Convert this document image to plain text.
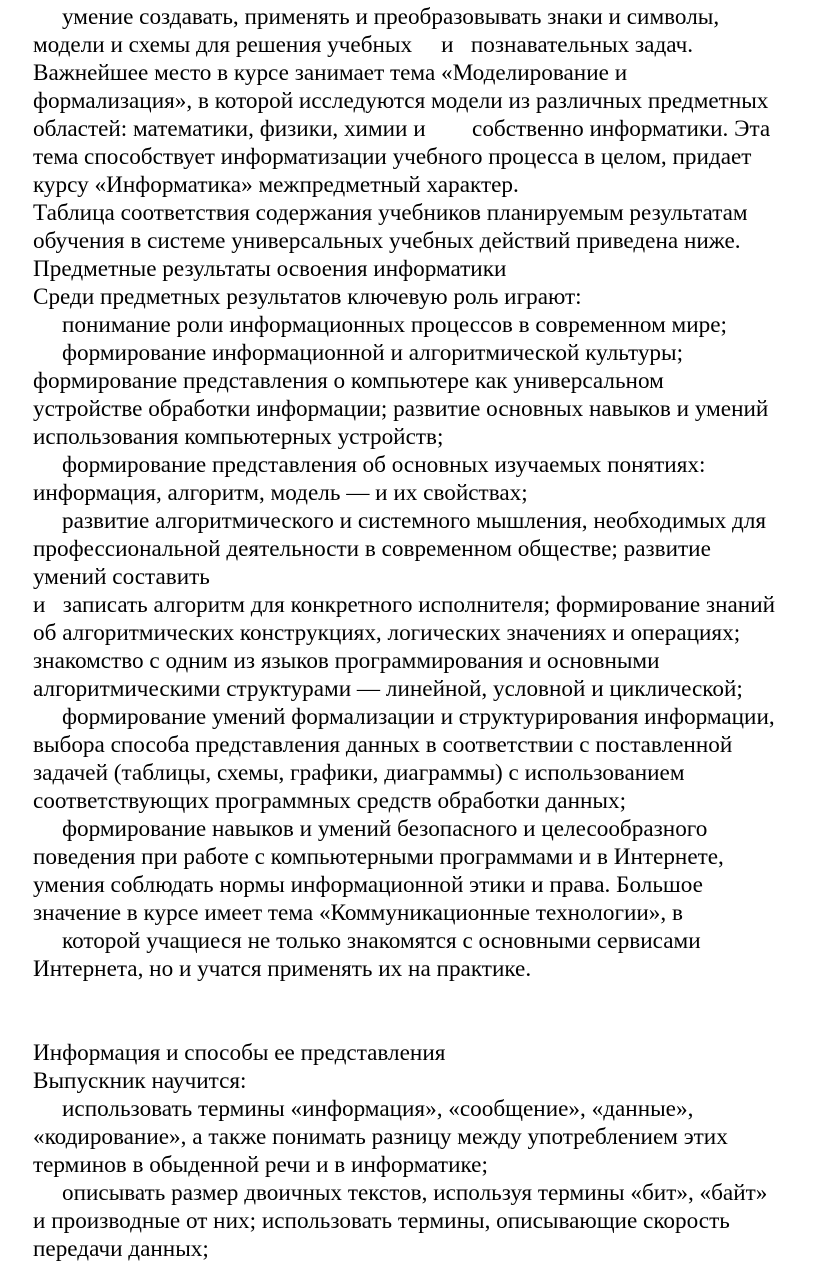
умение создавать, применять и преобразовывать знаки и символы,
модели и схемы для решения учебных     и   познавательных задач.
Важнейшее место в курсе занимает тема «Моделирование и
формализация», в которой исследуются модели из различных предметных
областей: математики, физики, химии и        собственно информатики. Эта
тема способствует информатизации учебного процесса в целом, придает
курсу «Информатика» межпредметный характер.
Таблица соответствия содержания учебников планируемым результатам
обучения в системе универсальных учебных действий приведена ниже.
Предметные результаты освоения информатики
Среди предметных результатов ключевую роль играют:
понимание роли информационных процессов в современном мире;
формирование информационной и алгоритмической культуры;
формирование представления о компьютере как универсальном
устройстве обработки информации; развитие основных навыков и умений
использования компьютерных устройств;
формирование представления об основных изучаемых понятиях:
информация, алгоритм, модель — и их свойствах;
развитие алгоритмического и системного мышления, необходимых для
профессиональной деятельности в современном обществе; развитие
умений составить
и   записать алгоритм для конкретного исполнителя; формирование знаний
об алгоритмических конструкциях, логических значениях и операциях;
знакомство с одним из языков программирования и основными
алгоритмическими структурами — линейной, условной и циклической;
формирование умений формализации и структурирования информации,
выбора способа представления данных в соответствии с поставленной
задачей (таблицы, схемы, графики, диаграммы) с использованием
соответствующих программных средств обработки данных;
формирование навыков и умений безопасного и целесообразного
поведения при работе с компьютерными программами и в Интернете,
умения соблюдать нормы информационной этики и права. Большое
значение в курсе имеет тема «Коммуникационные технологии», в
которой учащиеся не только знакомятся с основными сервисами
Интернета, но и учатся применять их на практике.
Информация и способы ее представления
Выпускник научится:
использовать термины «информация», «сообщение», «данные»,
«кодирование», а также понимать разницу между употреблением этих
терминов в обыденной речи и в информатике;
описывать размер двоичных текстов, используя термины «бит», «байт»
и производные от них; использовать термины, описывающие скорость
передачи данных;
